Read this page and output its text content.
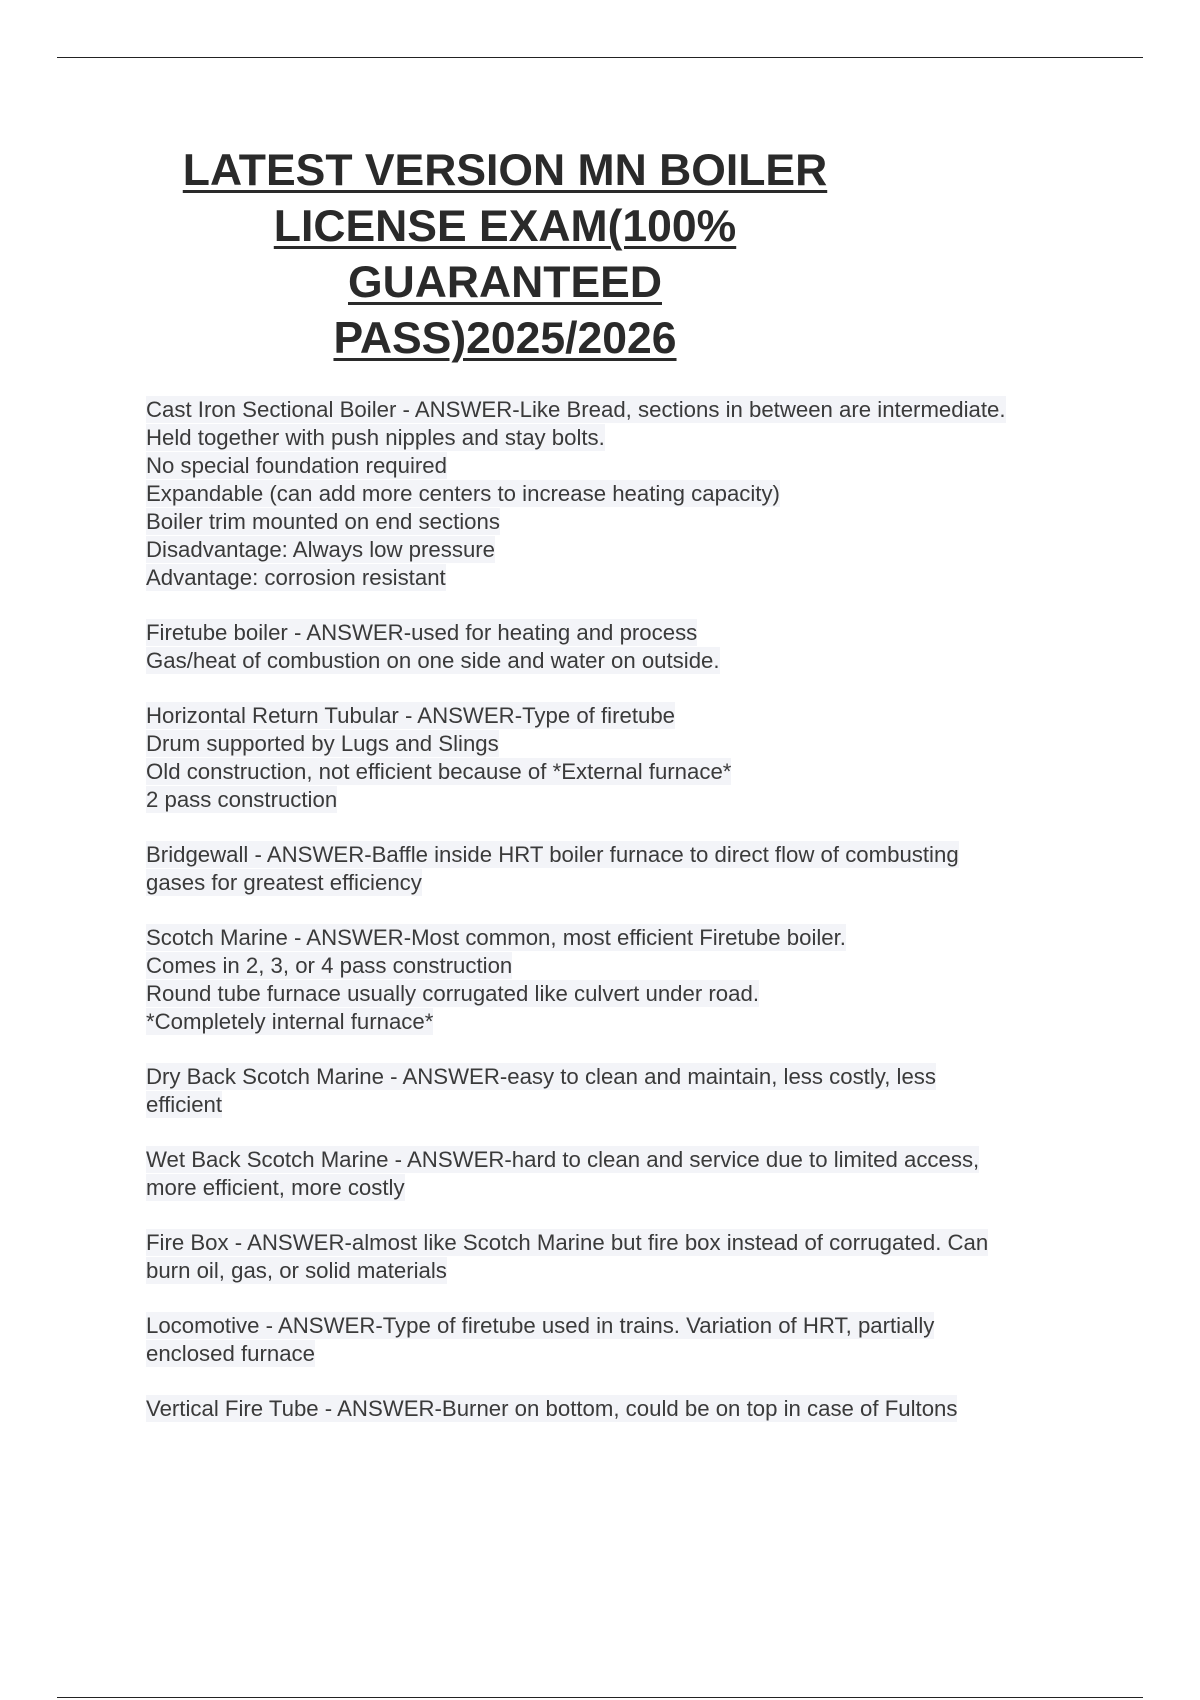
LATEST VERSION MN BOILER
LICENSE EXAM(100%
GUARANTEED
PASS)2025/2026
Cast Iron Sectional Boiler - ANSWER-Like Bread, sections in between are intermediate.
Held together with push nipples and stay bolts.
No special foundation required
Expandable (can add more centers to increase heating capacity)
Boiler trim mounted on end sections
Disadvantage: Always low pressure
Advantage: corrosion resistant
Firetube boiler - ANSWER-used for heating and process
Gas/heat of combustion on one side and water on outside.
Horizontal Return Tubular - ANSWER-Type of firetube
Drum supported by Lugs and Slings
Old construction, not efficient because of *External furnace*
2 pass construction
Bridgewall - ANSWER-Baffle inside HRT boiler furnace to direct flow of combusting
gases for greatest efficiency
Scotch Marine - ANSWER-Most common, most efficient Firetube boiler.
Comes in 2, 3, or 4 pass construction
Round tube furnace usually corrugated like culvert under road.
*Completely internal furnace*
Dry Back Scotch Marine - ANSWER-easy to clean and maintain, less costly, less
efficient
Wet Back Scotch Marine - ANSWER-hard to clean and service due to limited access,
more efficient, more costly
Fire Box - ANSWER-almost like Scotch Marine but fire box instead of corrugated. Can
burn oil, gas, or solid materials
Locomotive - ANSWER-Type of firetube used in trains. Variation of HRT, partially
enclosed furnace
Vertical Fire Tube - ANSWER-Burner on bottom, could be on top in case of Fultons
